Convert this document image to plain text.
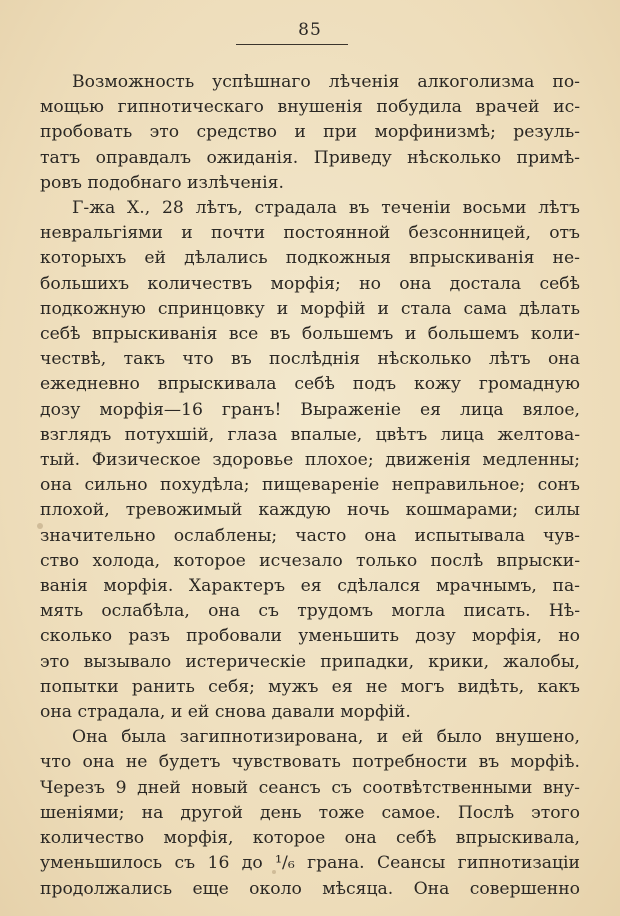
85
Возможность успѣшнаго лѣченія алкоголизма по-
мощью гипнотическаго внушенія побудила врачей ис-
пробовать это средство и при морфинизмѣ; резуль-
татъ оправдалъ ожиданія. Приведу нѣсколько примѣ-
ровъ подобнаго излѣченія.
Г-жа X., 28 лѣтъ, страдала въ теченіи восьми лѣтъ
невральгіями и почти постоянной безсонницей, отъ
которыхъ ей дѣлались подкожныя впрыскиванія не-
большихъ количествъ морфія; но она достала себѣ
подкожную спринцовку и морфій и стала сама дѣлать
себѣ впрыскиванія все въ большемъ и большемъ коли-
чествѣ, такъ что въ послѣднія нѣсколько лѣтъ она
ежедневно впрыскивала себѣ подъ кожу громадную
дозу морфія—16 гранъ! Выраженіе ея лица вялое,
взглядъ потухшій, глаза впалые, цвѣтъ лица желтова-
тый. Физическое здоровье плохое; движенія медленны;
она сильно похудѣла; пищевареніе неправильное; сонъ
плохой, тревожимый каждую ночь кошмарами; силы
значительно ослаблены; часто она испытывала чув-
ство холода, которое исчезало только послѣ впрыски-
ванія морфія. Характеръ ея сдѣлался мрачнымъ, па-
мять ослабѣла, она съ трудомъ могла писать. Нѣ-
сколько разъ пробовали уменьшить дозу морфія, но
это вызывало истерическіе припадки, крики, жалобы,
попытки ранить себя; мужъ ея не могъ видѣть, какъ
она страдала, и ей снова давали морфій.
Она была загипнотизирована, и ей было внушено,
что она не будетъ чувствовать потребности въ морфіѣ.
Черезъ 9 дней новый сеансъ съ соотвѣтственными вну-
шеніями; на другой день тоже самое. Послѣ этого
количество морфія, которое она себѣ впрыскивала,
уменьшилось съ 16 до ¹/₆ грана. Сеансы гипнотизаціи
продолжались еще около мѣсяца. Она совершенно
